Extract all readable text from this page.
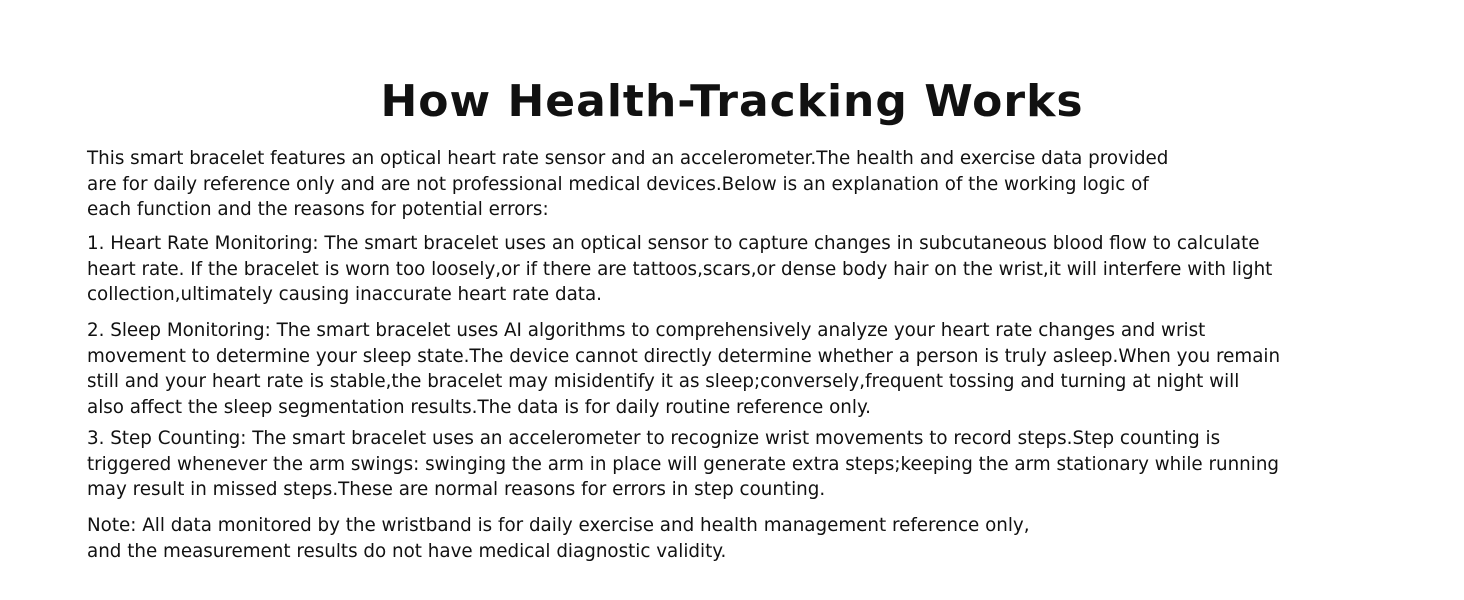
How Health-Tracking Works

This smart bracelet features an optical heart rate sensor and an accelerometer.The health and exercise data provided
are for daily reference only and are not professional medical devices.Below is an explanation of the working logic of
each function and the reasons for potential errors:

1. Heart Rate Monitoring: The smart bracelet uses an optical sensor to capture changes in subcutaneous blood flow to calculate
heart rate. If the bracelet is worn too loosely,or if there are tattoos,scars,or dense body hair on the wrist,it will interfere with light
collection,ultimately causing inaccurate heart rate data.

2. Sleep Monitoring: The smart bracelet uses AI algorithms to comprehensively analyze your heart rate changes and wrist
movement to determine your sleep state.The device cannot directly determine whether a person is truly asleep.When you remain
still and your heart rate is stable,the bracelet may misidentify it as sleep;conversely,frequent tossing and turning at night will
also affect the sleep segmentation results.The data is for daily routine reference only.

3. Step Counting: The smart bracelet uses an accelerometer to recognize wrist movements to record steps.Step counting is
triggered whenever the arm swings: swinging the arm in place will generate extra steps;keeping the arm stationary while running
may result in missed steps.These are normal reasons for errors in step counting.

Note: All data monitored by the wristband is for daily exercise and health management reference only,
and the measurement results do not have medical diagnostic validity.
